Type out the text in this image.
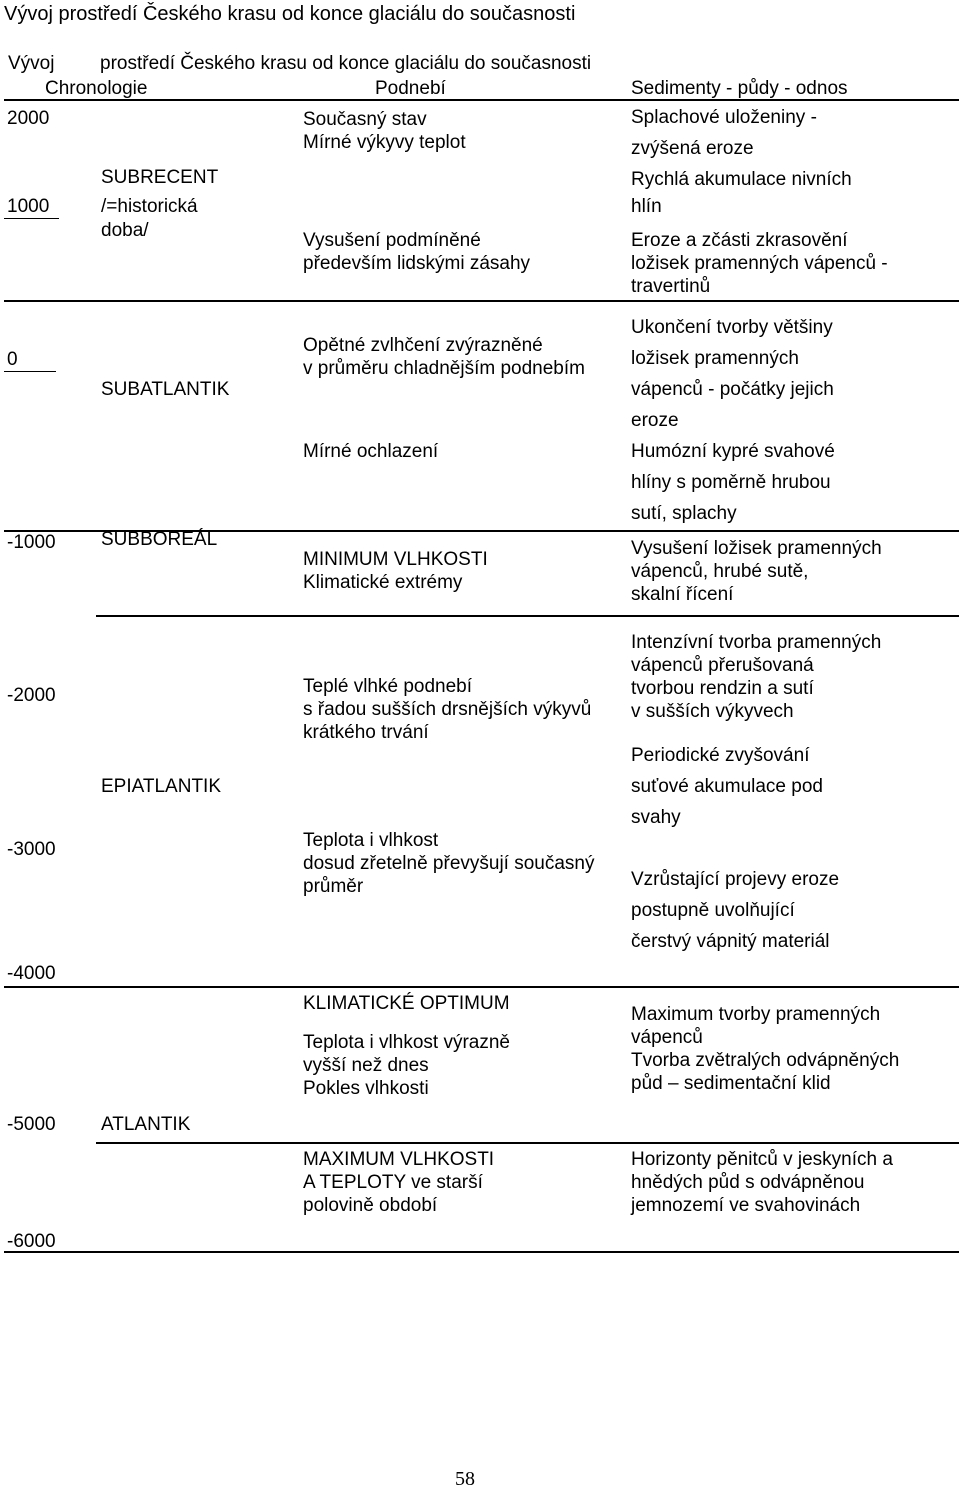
Vývoj prostředí Českého krasu od konce glaciálu do současnosti
Vývoj prostředí Českého krasu od konce glaciálu do současnosti
Chronologie	Podnebí	Sedimenty - půdy - odnos
2000
1000
0
-1000
-2000
-3000
-4000
-5000
-6000
SUBRECENT
/=historická
doba/
SUBATLANTIK
SUBBOREÁL
EPIATLANTIK
ATLANTIK
Současný stav
Mírné výkyvy teplot
Vysušení podmíněné
především lidskými zásahy
Opětné zvlhčení zvýrazněné
v průměru chladnějším podnebím
Mírné ochlazení
MINIMUM VLHKOSTI
Klimatické extrémy
Teplé vlhké podnebí
s řadou sušších drsnějších výkyvů
krátkého trvání
Teplota i vlhkost
dosud zřetelně převyšují současný
průměr
KLIMATICKÉ OPTIMUM
Teplota i vlhkost výrazně
vyšší než dnes
Pokles vlhkosti
MAXIMUM VLHKOSTI
A TEPLOTY ve starší
polovině období
Splachové uloženiny -
zvýšená eroze
Rychlá akumulace nivních
hlín
Eroze a zčásti zkrasovění
ložisek pramenných vápenců -
travertinů
Ukončení tvorby většiny
ložisek pramenných
vápenců - počátky jejich
eroze
Humózní kypré svahové
hlíny s poměrně hrubou
sutí, splachy
Vysušení ložisek pramenných
vápenců, hrubé sutě,
skalní řícení
Intenzívní tvorba pramenných
vápenců přerušovaná
tvorbou rendzin a sutí
v sušších výkyvech
Periodické zvyšování
suťové akumulace pod
svahy
Vzrůstající projevy eroze
postupně uvolňující
čerstvý vápnitý materiál
Maximum tvorby pramenných
vápenců
Tvorba zvětralých odvápněných
půd – sedimentační klid
Horizonty pěnitců v jeskyních a
hnědých půd s odvápněnou
jemnozemí ve svahovinách
58
